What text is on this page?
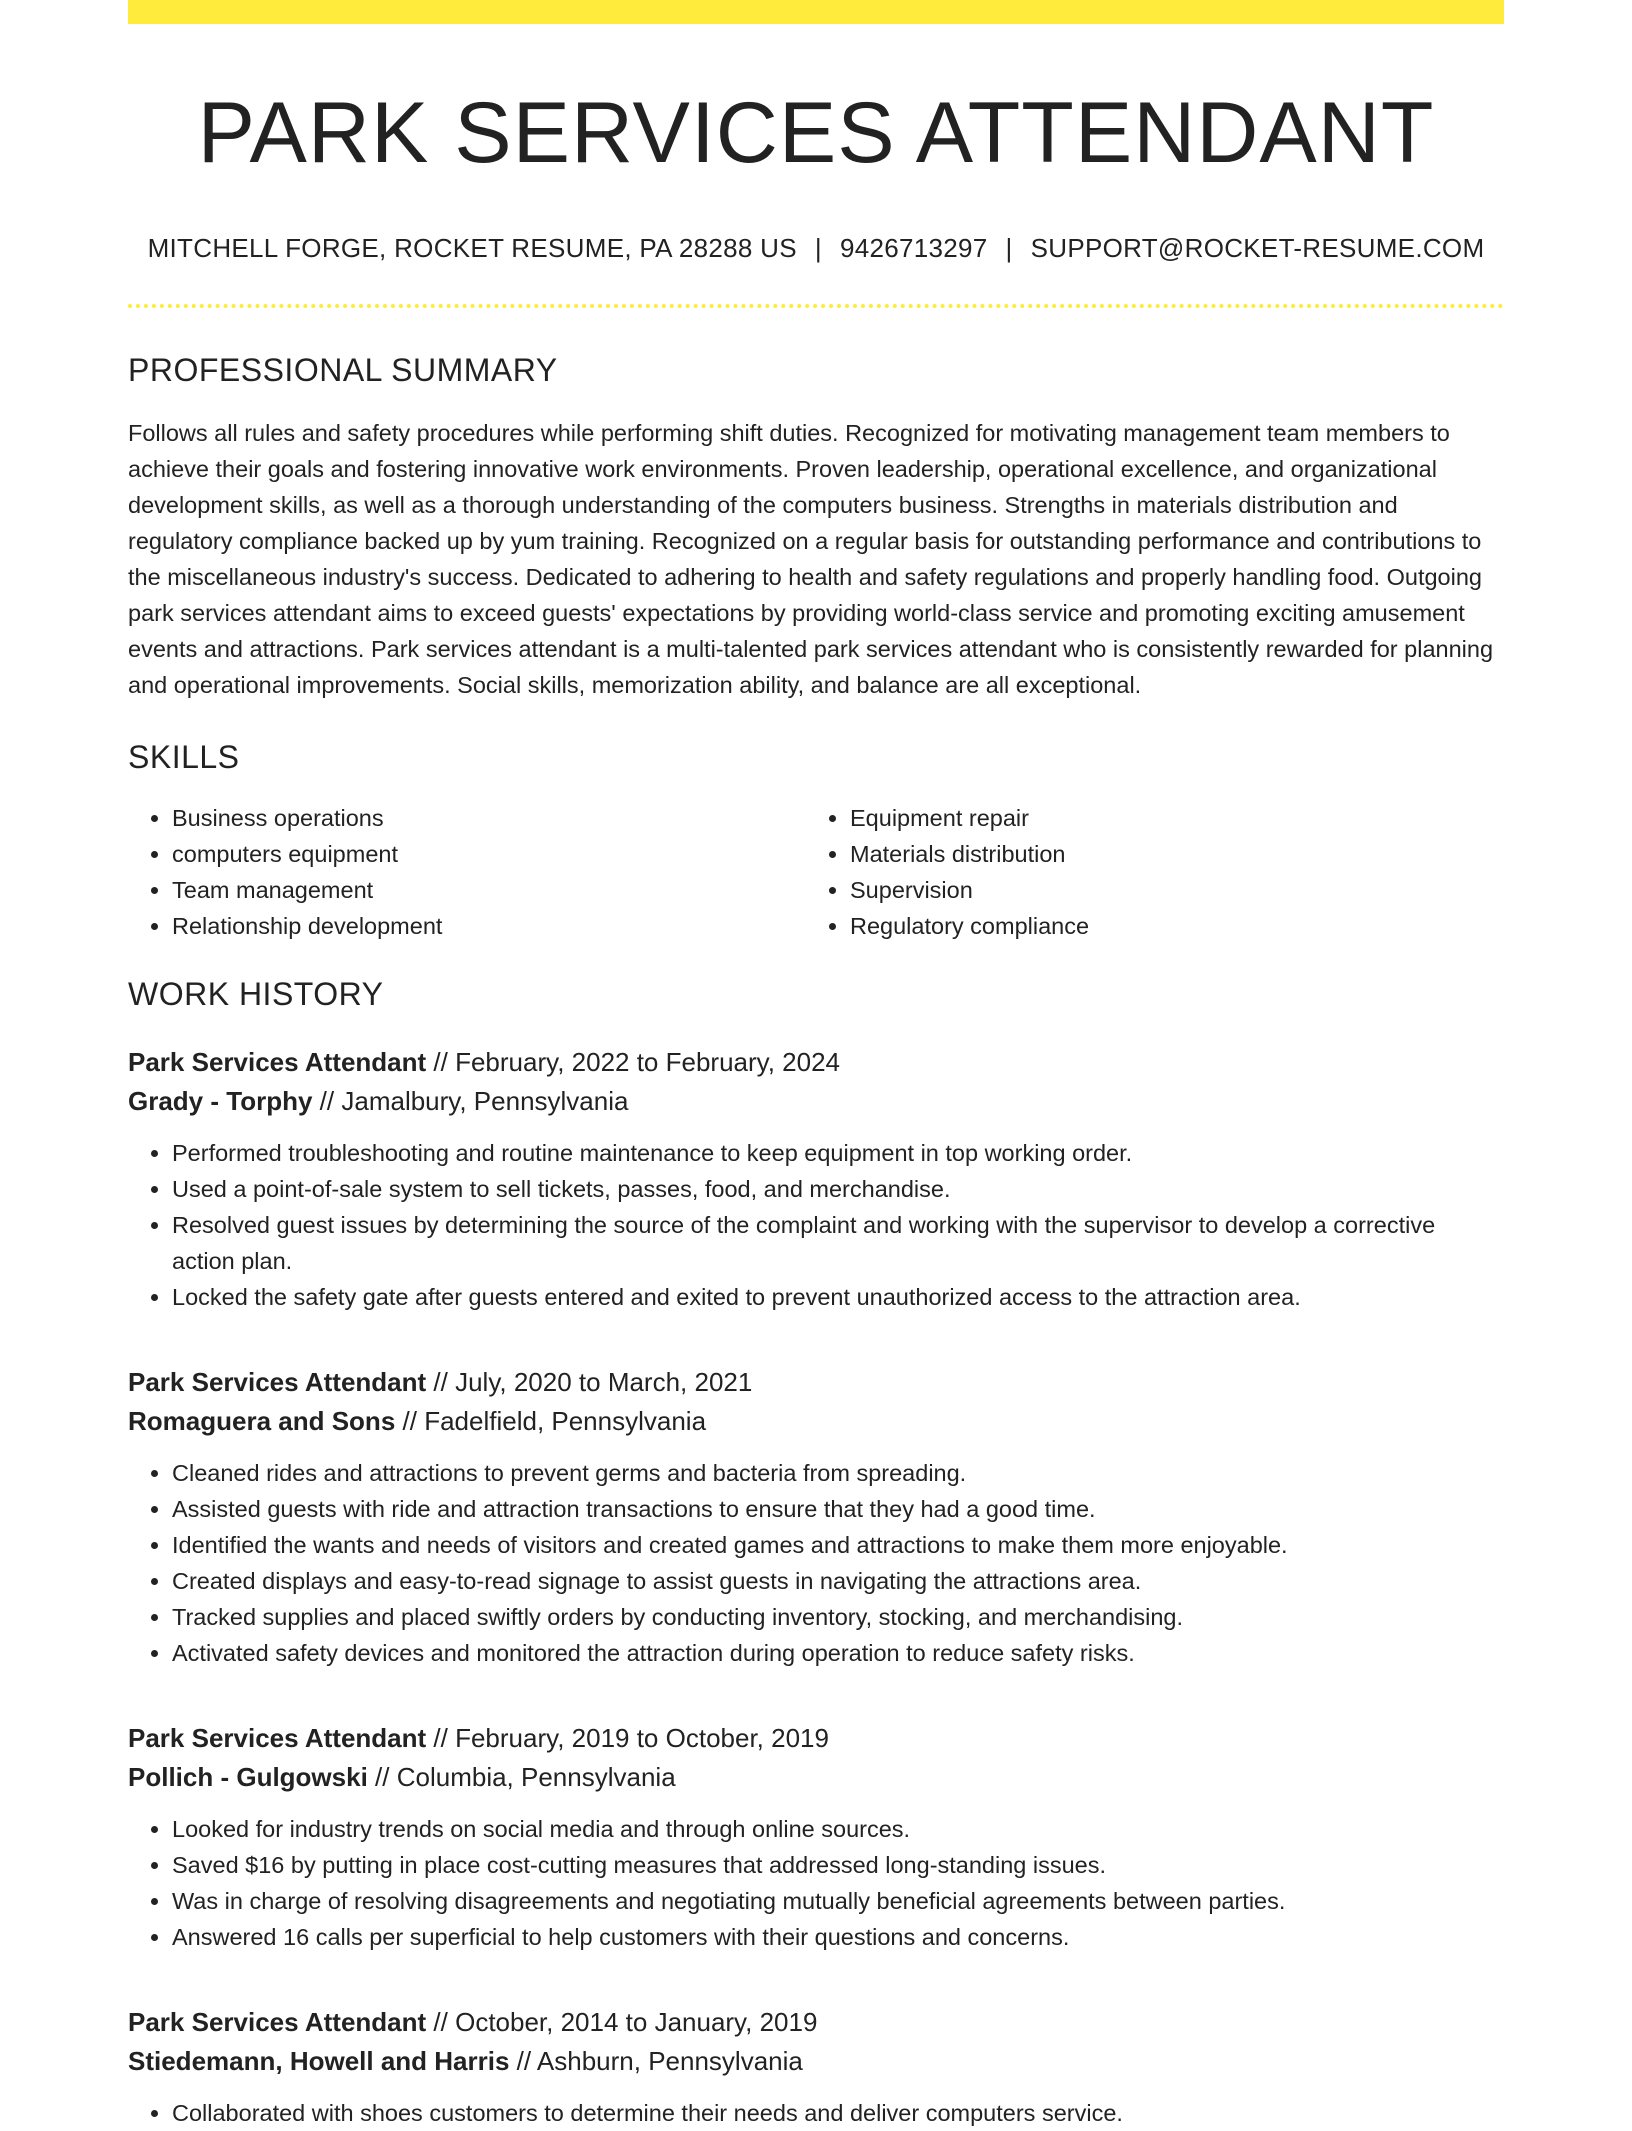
PARK SERVICES ATTENDANT
MITCHELL FORGE, ROCKET RESUME, PA 28288 US | 9426713297 | SUPPORT@ROCKET-RESUME.COM
PROFESSIONAL SUMMARY
Follows all rules and safety procedures while performing shift duties. Recognized for motivating management team members to achieve their goals and fostering innovative work environments. Proven leadership, operational excellence, and organizational development skills, as well as a thorough understanding of the computers business. Strengths in materials distribution and regulatory compliance backed up by yum training. Recognized on a regular basis for outstanding performance and contributions to the miscellaneous industry's success. Dedicated to adhering to health and safety regulations and properly handling food. Outgoing park services attendant aims to exceed guests' expectations by providing world-class service and promoting exciting amusement events and attractions. Park services attendant is a multi-talented park services attendant who is consistently rewarded for planning and operational improvements. Social skills, memorization ability, and balance are all exceptional.
SKILLS
• Business operations
• computers equipment
• Team management
• Relationship development
• Equipment repair
• Materials distribution
• Supervision
• Regulatory compliance
WORK HISTORY
Park Services Attendant // February, 2022 to February, 2024
Grady - Torphy // Jamalbury, Pennsylvania
• Performed troubleshooting and routine maintenance to keep equipment in top working order.
• Used a point-of-sale system to sell tickets, passes, food, and merchandise.
• Resolved guest issues by determining the source of the complaint and working with the supervisor to develop a corrective action plan.
• Locked the safety gate after guests entered and exited to prevent unauthorized access to the attraction area.
Park Services Attendant // July, 2020 to March, 2021
Romaguera and Sons // Fadelfield, Pennsylvania
• Cleaned rides and attractions to prevent germs and bacteria from spreading.
• Assisted guests with ride and attraction transactions to ensure that they had a good time.
• Identified the wants and needs of visitors and created games and attractions to make them more enjoyable.
• Created displays and easy-to-read signage to assist guests in navigating the attractions area.
• Tracked supplies and placed swiftly orders by conducting inventory, stocking, and merchandising.
• Activated safety devices and monitored the attraction during operation to reduce safety risks.
Park Services Attendant // February, 2019 to October, 2019
Pollich - Gulgowski // Columbia, Pennsylvania
• Looked for industry trends on social media and through online sources.
• Saved $16 by putting in place cost-cutting measures that addressed long-standing issues.
• Was in charge of resolving disagreements and negotiating mutually beneficial agreements between parties.
• Answered 16 calls per superficial to help customers with their questions and concerns.
Park Services Attendant // October, 2014 to January, 2019
Stiedemann, Howell and Harris // Ashburn, Pennsylvania
• Collaborated with shoes customers to determine their needs and deliver computers service.
